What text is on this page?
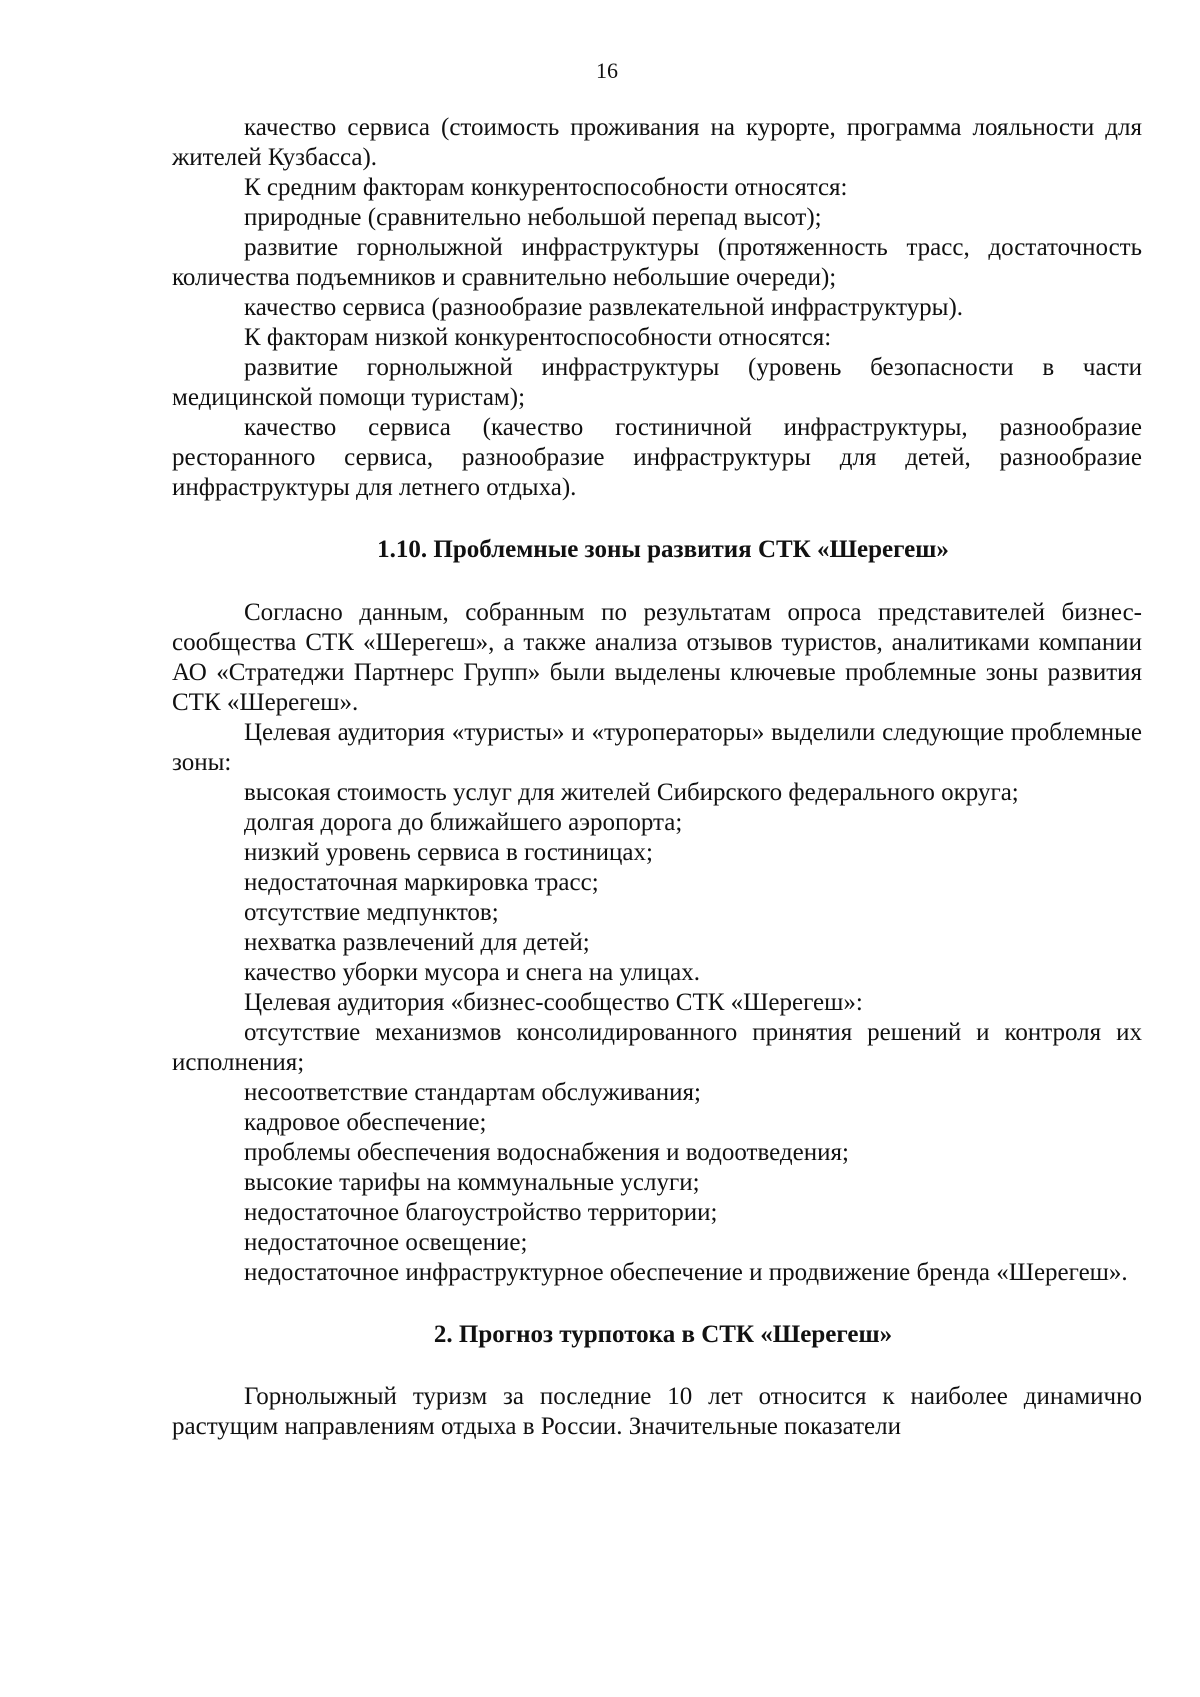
16

качество сервиса (стоимость проживания на курорте, программа лояльности для жителей Кузбасса).

К средним факторам конкурентоспособности относятся:

природные (сравнительно небольшой перепад высот);

развитие горнолыжной инфраструктуры (протяженность трасс, достаточность количества подъемников и сравнительно небольшие очереди);

качество сервиса (разнообразие развлекательной инфраструктуры).

К факторам низкой конкурентоспособности относятся:

развитие горнолыжной инфраструктуры (уровень безопасности в части медицинской помощи туристам);

качество сервиса (качество гостиничной инфраструктуры, разнообразие ресторанного сервиса, разнообразие инфраструктуры для детей, разнообразие инфраструктуры для летнего отдыха).

1.10. Проблемные зоны развития СТК «Шерегеш»

Согласно данным, собранным по результатам опроса представителей бизнес-сообщества СТК «Шерегеш», а также анализа отзывов туристов, аналитиками компании АО «Стратеджи Партнерс Групп» были выделены ключевые проблемные зоны развития СТК «Шерегеш».

Целевая аудитория «туристы» и «туроператоры» выделили следующие проблемные зоны:

высокая стоимость услуг для жителей Сибирского федерального округа;

долгая дорога до ближайшего аэропорта;

низкий уровень сервиса в гостиницах;

недостаточная маркировка трасс;

отсутствие медпунктов;

нехватка развлечений для детей;

качество уборки мусора и снега на улицах.

Целевая аудитория «бизнес-сообщество СТК «Шерегеш»:

отсутствие механизмов консолидированного принятия решений и контроля их исполнения;

несоответствие стандартам обслуживания;

кадровое обеспечение;

проблемы обеспечения водоснабжения и водоотведения;

высокие тарифы на коммунальные услуги;

недостаточное благоустройство территории;

недостаточное освещение;

недостаточное инфраструктурное обеспечение и продвижение бренда «Шерегеш».

2. Прогноз турпотока в СТК «Шерегеш»

Горнолыжный туризм за последние 10 лет относится к наиболее динамично растущим направлениям отдыха в России. Значительные показатели
